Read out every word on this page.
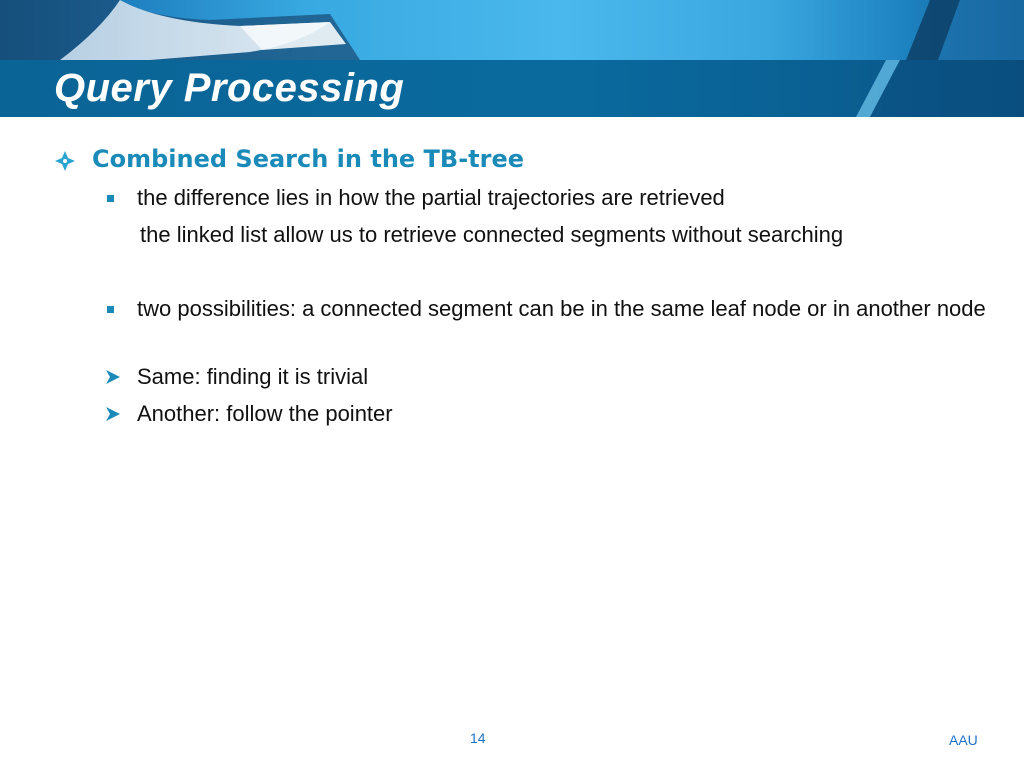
Query Processing
Combined Search in the TB-tree
the difference lies in how the partial trajectories are retrieved
the linked list allow us to retrieve connected segments without searching
two possibilities: a connected segment can be in the same leaf node or in another node
Same: finding it is trivial
Another: follow the pointer
14	AAU
